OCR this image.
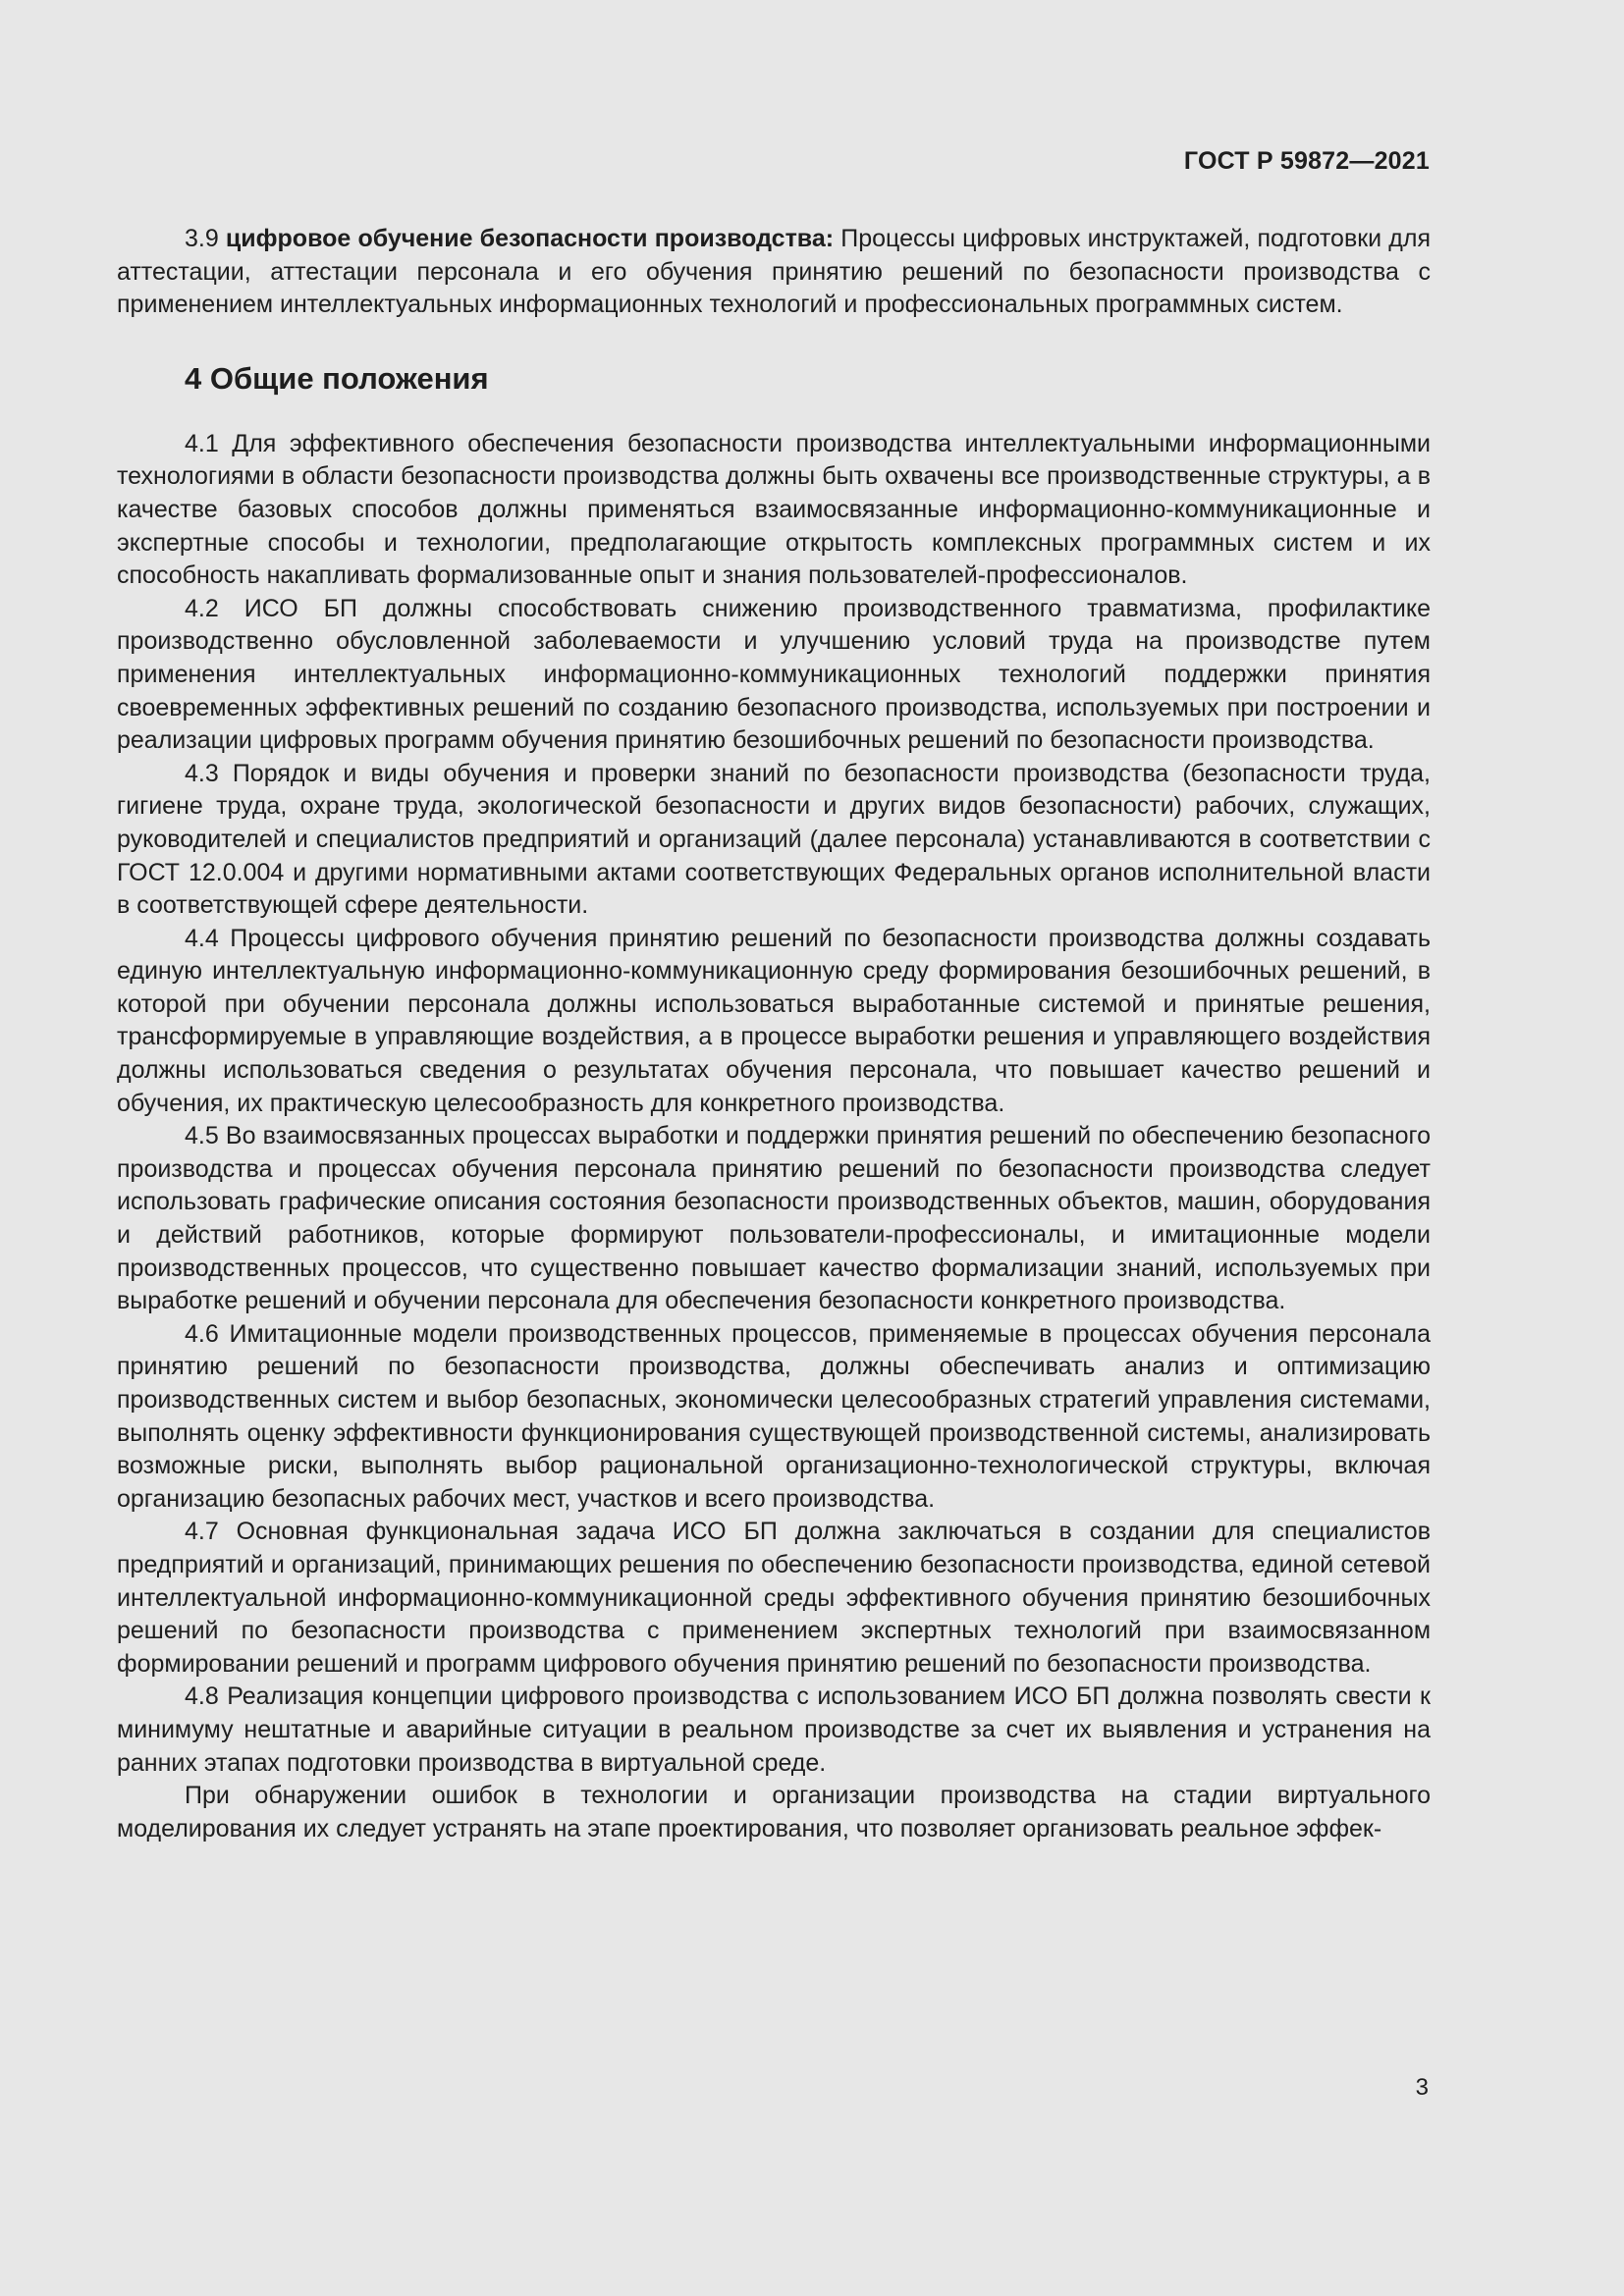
ГОСТ Р 59872—2021

3.9 цифровое обучение безопасности производства: Процессы цифровых инструктажей, подготовки для аттестации, аттестации персонала и его обучения принятию решений по безопасности производства с применением интеллектуальных информационных технологий и профессиональных программных систем.

4 Общие положения

4.1 Для эффективного обеспечения безопасности производства интеллектуальными информационными технологиями в области безопасности производства должны быть охвачены все производственные структуры, а в качестве базовых способов должны применяться взаимосвязанные информационно-коммуникационные и экспертные способы и технологии, предполагающие открытость комплексных программных систем и их способность накапливать формализованные опыт и знания пользователей-профессионалов.

4.2 ИСО БП должны способствовать снижению производственного травматизма, профилактике производственно обусловленной заболеваемости и улучшению условий труда на производстве путем применения интеллектуальных информационно-коммуникационных технологий поддержки принятия своевременных эффективных решений по созданию безопасного производства, используемых при построении и реализации цифровых программ обучения принятию безошибочных решений по безопасности производства.

4.3 Порядок и виды обучения и проверки знаний по безопасности производства (безопасности труда, гигиене труда, охране труда, экологической безопасности и других видов безопасности) рабочих, служащих, руководителей и специалистов предприятий и организаций (далее персонала) устанавливаются в соответствии с ГОСТ 12.0.004 и другими нормативными актами соответствующих Федеральных органов исполнительной власти в соответствующей сфере деятельности.

4.4 Процессы цифрового обучения принятию решений по безопасности производства должны создавать единую интеллектуальную информационно-коммуникационную среду формирования безошибочных решений, в которой при обучении персонала должны использоваться выработанные системой и принятые решения, трансформируемые в управляющие воздействия, а в процессе выработки решения и управляющего воздействия должны использоваться сведения о результатах обучения персонала, что повышает качество решений и обучения, их практическую целесообразность для конкретного производства.

4.5 Во взаимосвязанных процессах выработки и поддержки принятия решений по обеспечению безопасного производства и процессах обучения персонала принятию решений по безопасности производства следует использовать графические описания состояния безопасности производственных объектов, машин, оборудования и действий работников, которые формируют пользователи-профессионалы, и имитационные модели производственных процессов, что существенно повышает качество формализации знаний, используемых при выработке решений и обучении персонала для обеспечения безопасности конкретного производства.

4.6 Имитационные модели производственных процессов, применяемые в процессах обучения персонала принятию решений по безопасности производства, должны обеспечивать анализ и оптимизацию производственных систем и выбор безопасных, экономически целесообразных стратегий управления системами, выполнять оценку эффективности функционирования существующей производственной системы, анализировать возможные риски, выполнять выбор рациональной организационно-технологической структуры, включая организацию безопасных рабочих мест, участков и всего производства.

4.7 Основная функциональная задача ИСО БП должна заключаться в создании для специалистов предприятий и организаций, принимающих решения по обеспечению безопасности производства, единой сетевой интеллектуальной информационно-коммуникационной среды эффективного обучения принятию безошибочных решений по безопасности производства с применением экспертных технологий при взаимосвязанном формировании решений и программ цифрового обучения принятию решений по безопасности производства.

4.8 Реализация концепции цифрового производства с использованием ИСО БП должна позволять свести к минимуму нештатные и аварийные ситуации в реальном производстве за счет их выявления и устранения на ранних этапах подготовки производства в виртуальной среде.

При обнаружении ошибок в технологии и организации производства на стадии виртуального моделирования их следует устранять на этапе проектирования, что позволяет организовать реальное эффек-

3
